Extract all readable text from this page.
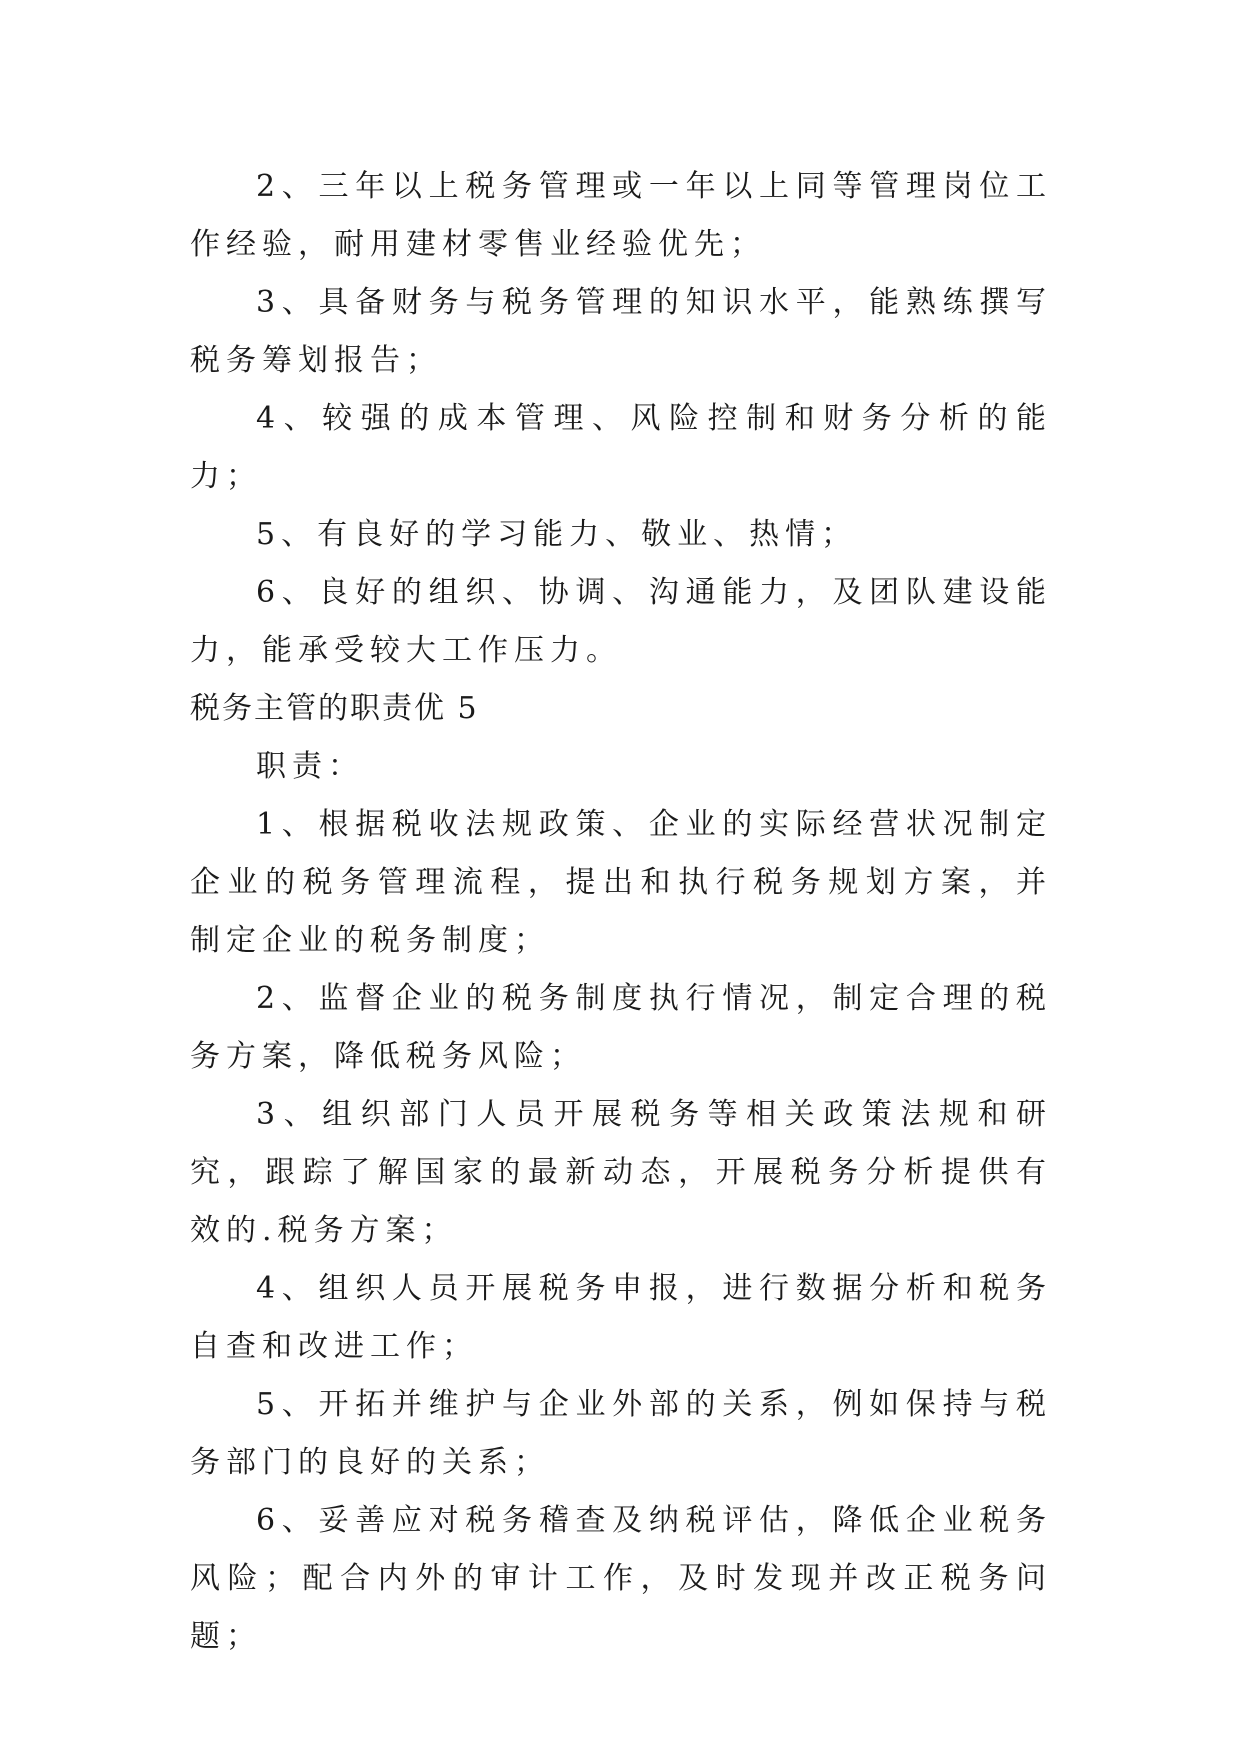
2、三年以上税务管理或一年以上同等管理岗位工作经验，耐用建材零售业经验优先；

3、具备财务与税务管理的知识水平，能熟练撰写税务筹划报告；

4、较强的成本管理、风险控制和财务分析的能力；

5、有良好的学习能力、敬业、热情；

6、良好的组织、协调、沟通能力，及团队建设能力，能承受较大工作压力。

税务主管的职责优 5

职责：

1、根据税收法规政策、企业的实际经营状况制定企业的税务管理流程，提出和执行税务规划方案，并制定企业的税务制度；

2、监督企业的税务制度执行情况，制定合理的税务方案，降低税务风险；

3、组织部门人员开展税务等相关政策法规和研究，跟踪了解国家的最新动态，开展税务分析提供有效的.税务方案；

4、组织人员开展税务申报，进行数据分析和税务自查和改进工作；

5、开拓并维护与企业外部的关系，例如保持与税务部门的良好的关系；

6、妥善应对税务稽查及纳税评估，降低企业税务风险；配合内外的审计工作，及时发现并改正税务问题；
